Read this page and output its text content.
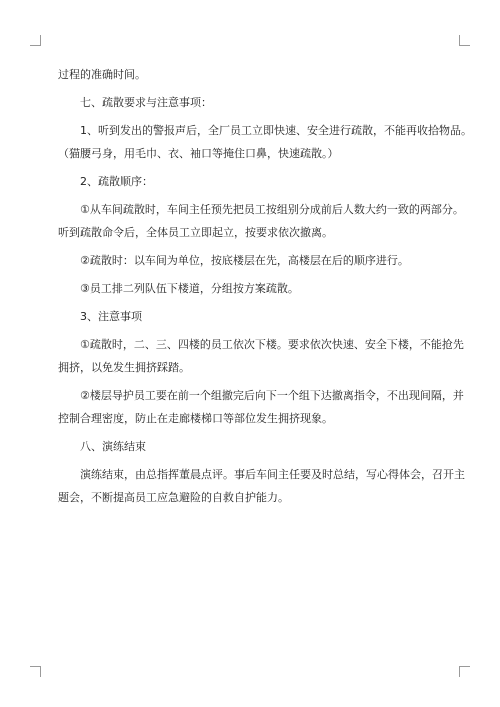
过程的准确时间。
七、疏散要求与注意事项：
1、听到发出的警报声后，全厂员工立即快速、安全进行疏散，不能再收拾物品。
（猫腰弓身，用毛巾、衣、袖口等掩住口鼻，快速疏散。）
2、疏散顺序：
①从车间疏散时，车间主任预先把员工按组别分成前后人数大约一致的两部分。
听到疏散命令后，全体员工立即起立，按要求依次撤离。
②疏散时：以车间为单位，按底楼层在先，高楼层在后的顺序进行。
③员工排二列队伍下楼道，分组按方案疏散。
3、注意事项
①疏散时，二、三、四楼的员工依次下楼。要求依次快速、安全下楼，不能抢先
拥挤，以免发生拥挤踩踏。
②楼层导护员工要在前一个组撤完后向下一个组下达撤离指令，不出现间隔，并
控制合理密度，防止在走廊楼梯口等部位发生拥挤现象。
八、演练结束
演练结束，由总指挥董晨点评。事后车间主任要及时总结，写心得体会，召开主
题会，不断提高员工应急避险的自救自护能力。
